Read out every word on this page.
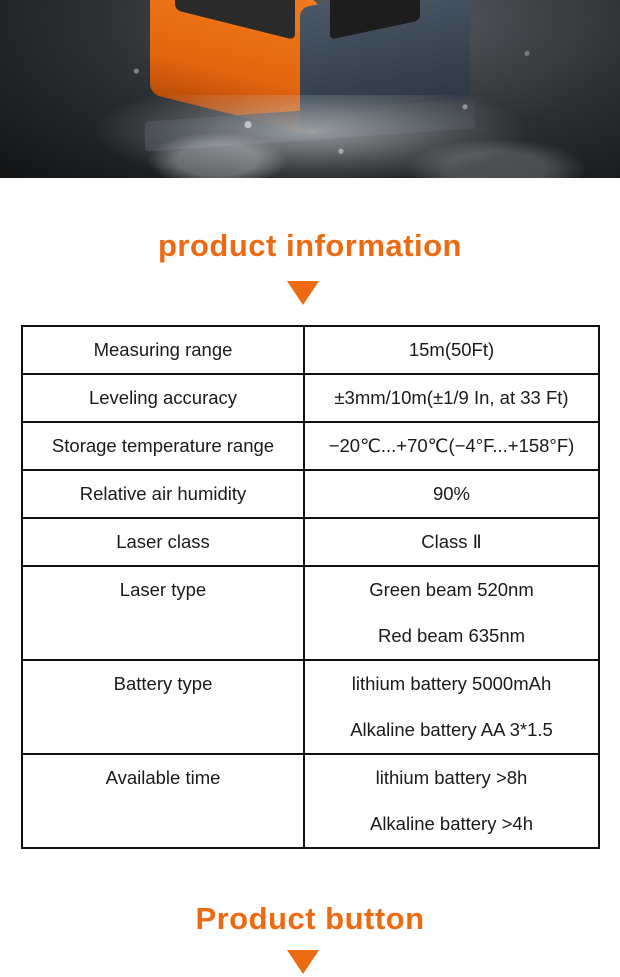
product information
Measuring range	15m(50Ft)

Leveling accuracy	±3mm/10m(±1/9 In, at 33 Ft)

Storage temperature range	−20℃...+70℃(−4°F...+158°F)

Relative air humidity	90%

Laser class	Class Ⅱ

Laser type	Green beam 520nm
Red beam 635nm

Battery type	lithium battery 5000mAh
Alkaline battery AA 3*1.5

Available time	lithium battery >8h
Alkaline battery >4h
Product button
